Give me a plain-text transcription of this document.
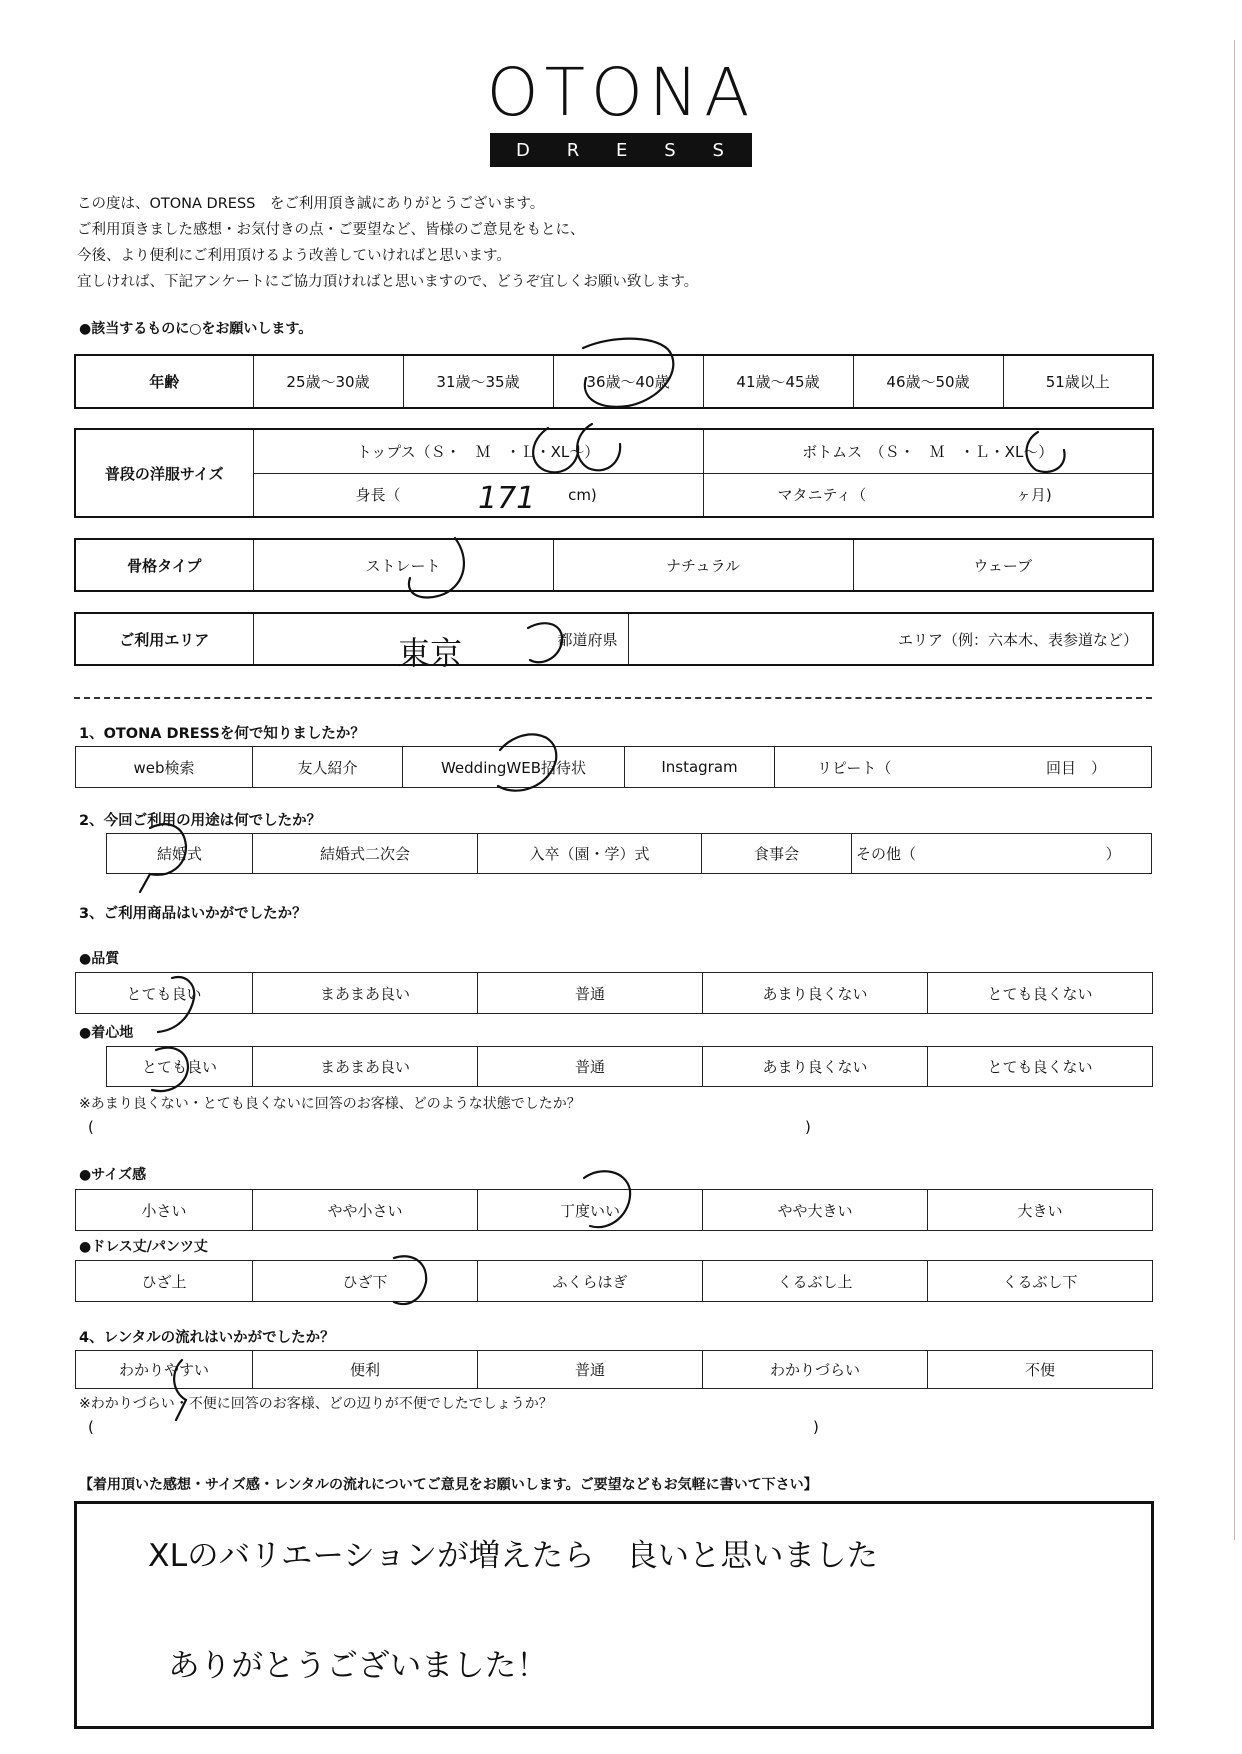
OTONA
D R E S S

この度は、OTONA DRESS　をご利用頂き誠にありがとうございます。

ご利用頂きました感想・お気付きの点・ご要望など、皆様のご意見をもとに、

今後、より便利にご利用頂けるよう改善していければと思います。

宜しければ、下記アンケートにご協力頂ければと思いますので、どうぞ宜しくお願い致します。

●該当するものに○をお願いします。
年齢	25歳〜30歳	31歳〜35歳	36歳〜40歳	41歳〜45歳	46歳〜50歳	51歳以上
普段の洋服サイズ	トップス（Ｓ・　Ｍ　・Ｌ・XL〜）	ボトムス　（Ｓ・　Ｍ　・Ｌ・XL〜）
	身長（ cm)	マタニティ（ ヶ月)
骨格タイプ	ストレート	ナチュラル	ウェーブ
ご利用エリア	都道府県	エリア（例：六本木、表参道など）
1、OTONA DRESSを何で知りましたか？
web検索	友人紹介	WeddingWEB招待状	Instagram	リピート（	回目　）
2、今回ご利用の用途は何でしたか？
結婚式	結婚式二次会	入卒（園・学）式	食事会	その他（	）
3、ご利用商品はいかがでしたか？
●品質
とても良い	まあまあ良い	普通	あまり良くない	とても良くない
●着心地
とても良い	まあまあ良い	普通	あまり良くない	とても良くない
※あまり良くない・とても良くないに回答のお客様、どのような状態でしたか？
(	)
●サイズ感
小さい	やや小さい	丁度いい	やや大きい	大きい
●ドレス丈/パンツ丈
ひざ上	ひざ下	ふくらはぎ	くるぶし上	くるぶし下
4、レンタルの流れはいかがでしたか？
わかりやすい	便利	普通	わかりづらい	不便
※わかりづらい・不便に回答のお客様、どの辺りが不便でしたでしょうか？
(	)
【着用頂いた感想・サイズ感・レンタルの流れについてご意見をお願いします。ご要望などもお気軽に書いて下さい】
171
東京
XLのバリエーションが増えたら　良いと思いました
ありがとうございました！
